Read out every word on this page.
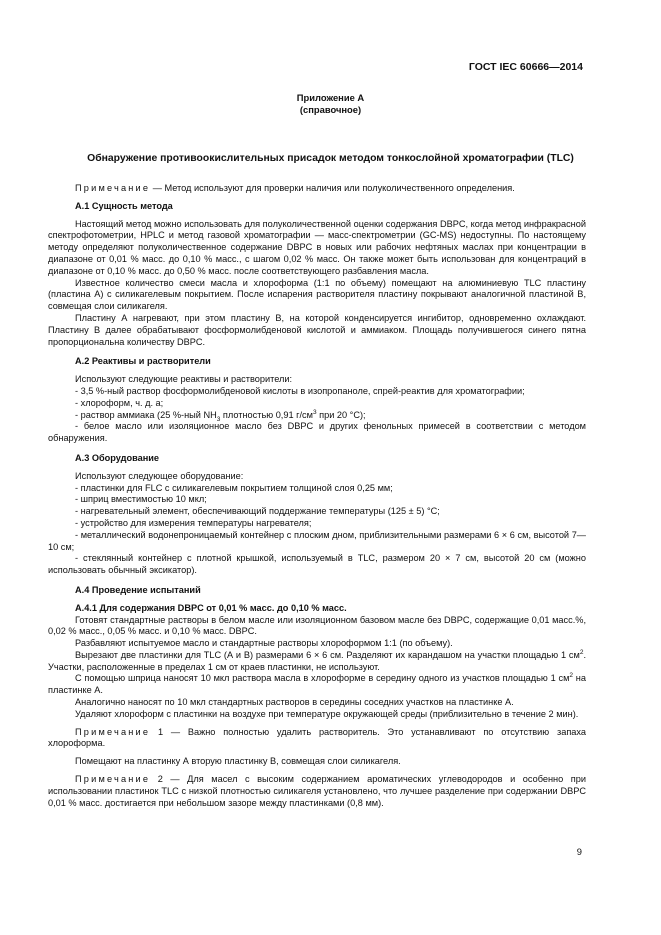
ГОСТ IEC 60666—2014
Приложение А
(справочное)
Обнаружение противоокислительных присадок методом тонкослойной хроматографии (TLC)

Примечание — Метод используют для проверки наличия или полуколичественного определения.

А.1 Сущность метода

Настоящий метод можно использовать для полуколичественной оценки содержания DBPC, когда метод инфракрасной спектрофотометрии, HPLC и метод газовой хроматографии — масс-спектрометрии (GC-MS) недоступны. По настоящему методу определяют полуколичественное содержание DBPC в новых или рабочих нефтяных маслах при концентрации в диапазоне от 0,01 % масс. до 0,10 % масс., с шагом 0,02 % масс. Он также может быть использован для концентраций в диапазоне от 0,10 % масс. до 0,50 % масс. после соответствующего разбавления масла.

Известное количество смеси масла и хлороформа (1:1 по объему) помещают на алюминиевую TLC пластину (пластина А) с силикагелевым покрытием. После испарения растворителя пластину покрывают аналогичной пластиной В, совмещая слои силикагеля.

Пластину А нагревают, при этом пластину В, на которой конденсируется ингибитор, одновременно охлаждают. Пластину В далее обрабатывают фосформолибденовой кислотой и аммиаком. Площадь получившегося синего пятна пропорциональна количеству DBPC.

А.2 Реактивы и растворители

Используют следующие реактивы и растворители:

- 3,5 %-ный раствор фосформолибденовой кислоты в изопропаноле, спрей-реактив для хроматографии;

- хлороформ, ч. д. а;

- раствор аммиака (25 %-ный $NH_3$ плотностью 0,91 $г/см^3$ при 20 °С);

- белое масло или изоляционное масло без DBPC и других фенольных примесей в соответствии с методом обнаружения.

А.3 Оборудование

Используют следующее оборудование:

- пластинки для FLC с силикагелевым покрытием толщиной слоя 0,25 мм;

- шприц вместимостью 10 мкл;

- нагревательный элемент, обеспечивающий поддержание температуры (125 ± 5) °С;

- устройство для измерения температуры нагревателя;

- металлический водонепроницаемый контейнер с плоским дном, приблизительными размерами 6 × 6 см, высотой 7—10 см;

- стеклянный контейнер с плотной крышкой, используемый в TLC, размером 20 × 7 см, высотой 20 см (можно использовать обычный эксикатор).

А.4 Проведение испытаний

А.4.1 Для содержания DBPC от 0,01 % масс. до 0,10 % масс.

Готовят стандартные растворы в белом масле или изоляционном базовом масле без DBPC, содержащие 0,01 масс.%, 0,02 % масс., 0,05 % масс. и 0,10 % масс. DBPC.

Разбавляют испытуемое масло и стандартные растворы хлороформом 1:1 (по объему).

Вырезают две пластинки для TLC (А и В) размерами 6 × 6 см. Разделяют их карандашом на участки площадью 1 $см^2$. Участки, расположенные в пределах 1 см от краев пластинки, не используют.

С помощью шприца наносят 10 мкл раствора масла в хлороформе в середину одного из участков площадью 1 $см^2$ на пластинке А.

Аналогично наносят по 10 мкл стандартных растворов в середины соседних участков на пластинке А.

Удаляют хлороформ с пластинки на воздухе при температуре окружающей среды (приблизительно в течение 2 мин).

Примечание 1 — Важно полностью удалить растворитель. Это устанавливают по отсутствию запаха хлороформа.

Помещают на пластинку А вторую пластинку В, совмещая слои силикагеля.

Примечание 2 — Для масел с высоким содержанием ароматических углеводородов и особенно при использовании пластинок TLC с низкой плотностью силикагеля установлено, что лучшее разделение при содержании DBPC 0,01 % масс. достигается при небольшом зазоре между пластинками (0,8 мм).

9
